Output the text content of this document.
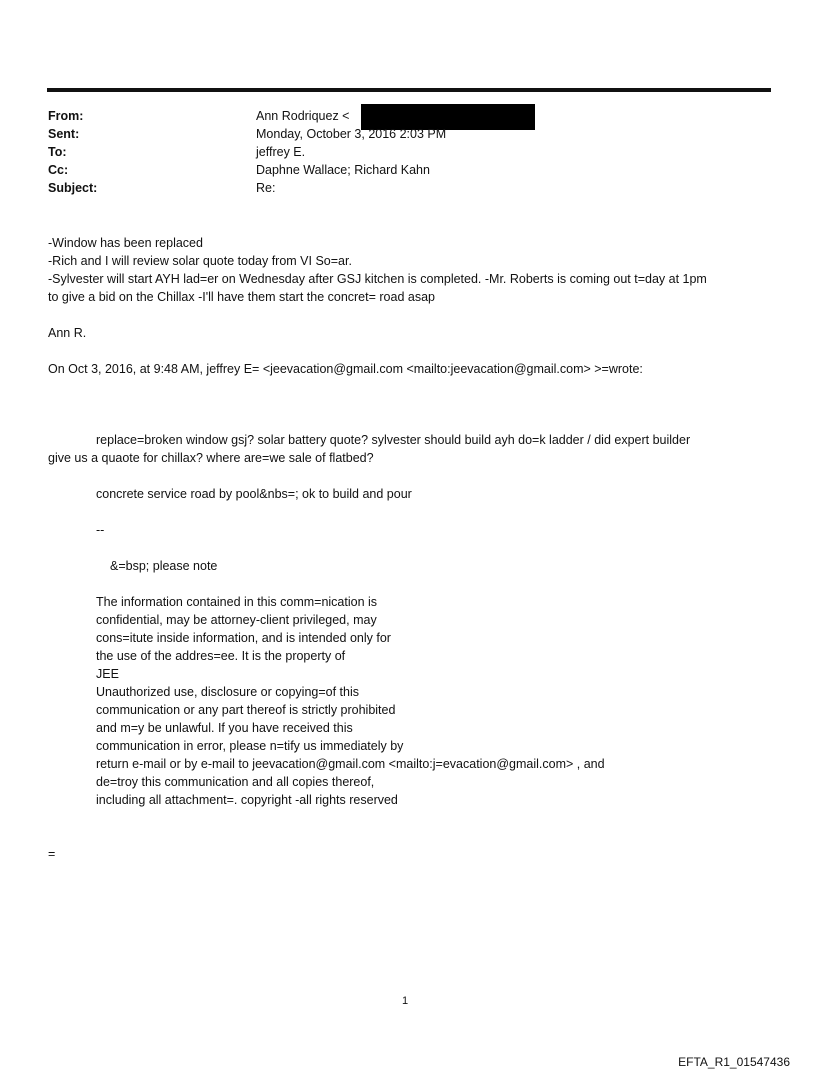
From:	Ann Rodriquez <
Sent:	Monday, October 3, 2016 2:03 PM
To:	jeffrey E.
Cc:	Daphne Wallace; Richard Kahn
Subject:	Re:
-Window has been replaced
-Rich and I will review solar quote today from VI So=ar.
-Sylvester will start AYH lad=er on Wednesday after GSJ kitchen is completed. -Mr. Roberts is coming out t=day at 1pm
to give a bid on the Chillax -I'll have them start the concret= road asap
Ann R.
On Oct 3, 2016, at 9:48 AM, jeffrey E= <jeevacation@gmail.com <mailto:jeevacation@gmail.com> >=wrote:
replace=broken window gsj? solar battery quote? sylvester should build ayh do=k ladder / did expert builder
give us a quaote for chillax? where are=we sale of flatbed?
concrete service road by pool&nbs=; ok to build and pour
--
&=bsp; please note
The information contained in this comm=nication is
confidential, may be attorney-client privileged, may
cons=itute inside information, and is intended only for
the use of the addres=ee. It is the property of
JEE
Unauthorized use, disclosure or copying=of this
communication or any part thereof is strictly prohibited
and m=y be unlawful. If you have received this
communication in error, please n=tify us immediately by
return e-mail or by e-mail to jeevacation@gmail.com <mailto:j=evacation@gmail.com> , and
de=troy this communication and all copies thereof,
including all attachment=. copyright -all rights reserved
=
1
EFTA_R1_01547436
